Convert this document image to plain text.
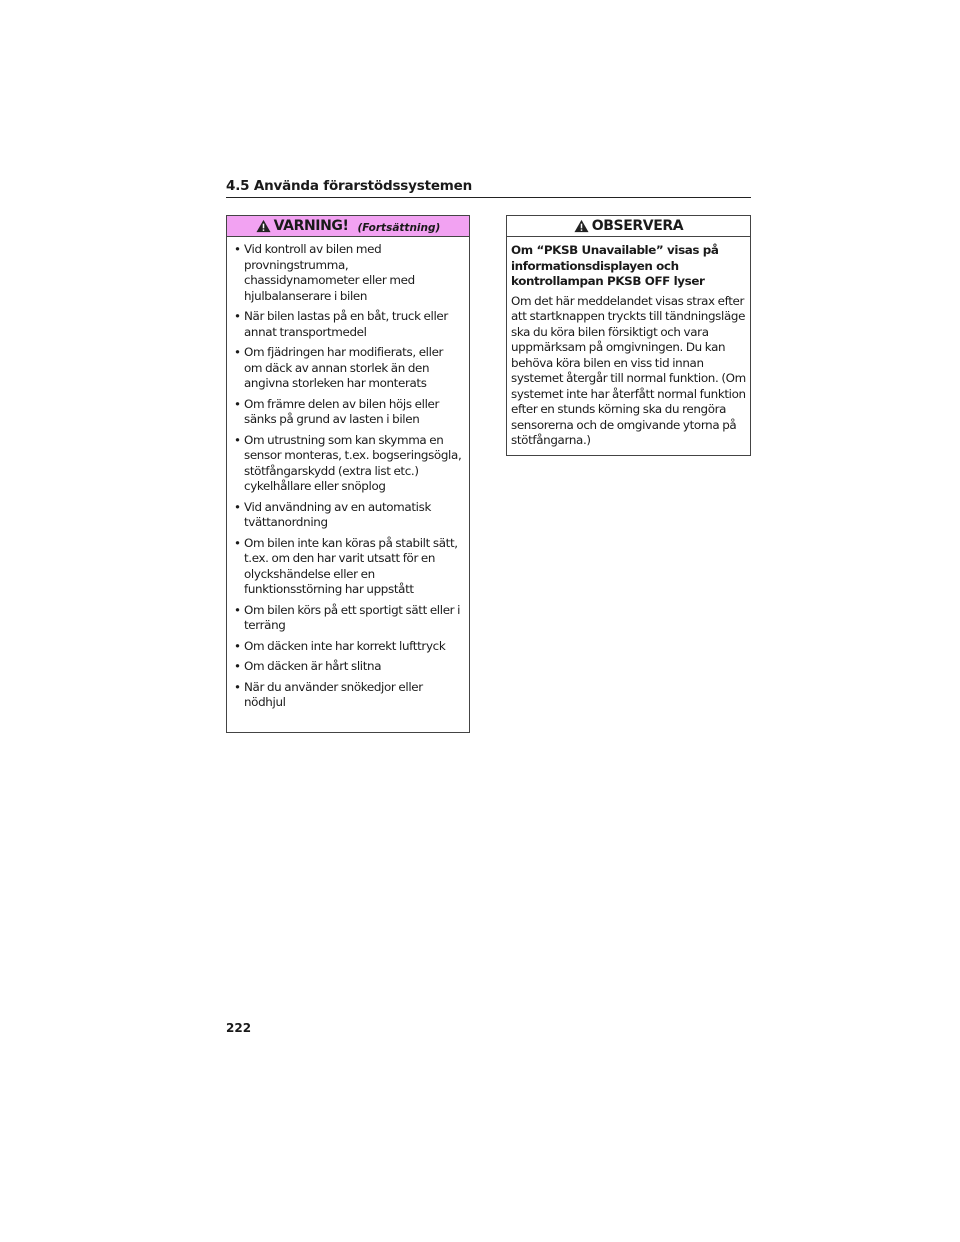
4.5 Använda förarstödssystemen
VARNING! (Fortsättning)
• Vid kontroll av bilen med provningstrumma, chassidynamometer eller med hjulbalanserare i bilen
• När bilen lastas på en båt, truck eller annat transportmedel
• Om fjädringen har modifierats, eller om däck av annan storlek än den angivna storleken har monterats
• Om främre delen av bilen höjs eller sänks på grund av lasten i bilen
• Om utrustning som kan skymma en sensor monteras, t.ex. bogseringsögla, stötfångarskydd (extra list etc.) cykelhållare eller snöplog
• Vid användning av en automatisk tvättanordning
• Om bilen inte kan köras på stabilt sätt, t.ex. om den har varit utsatt för en olyckshändelse eller en funktionsstörning har uppstått
• Om bilen körs på ett sportigt sätt eller i terräng
• Om däcken inte har korrekt lufttryck
• Om däcken är hårt slitna
• När du använder snökedjor eller nödhjul
OBSERVERA

Om “PKSB Unavailable” visas på informationsdisplayen och kontrollampan PKSB OFF lyser

Om det här meddelandet visas strax efter att startknappen tryckts till tändningsläge ska du köra bilen försiktigt och vara uppmärksam på omgivningen. Du kan behöva köra bilen en viss tid innan systemet återgår till normal funktion. (Om systemet inte har återfått normal funktion efter en stunds körning ska du rengöra sensorerna och de omgivande ytorna på stötfångarna.)

222
